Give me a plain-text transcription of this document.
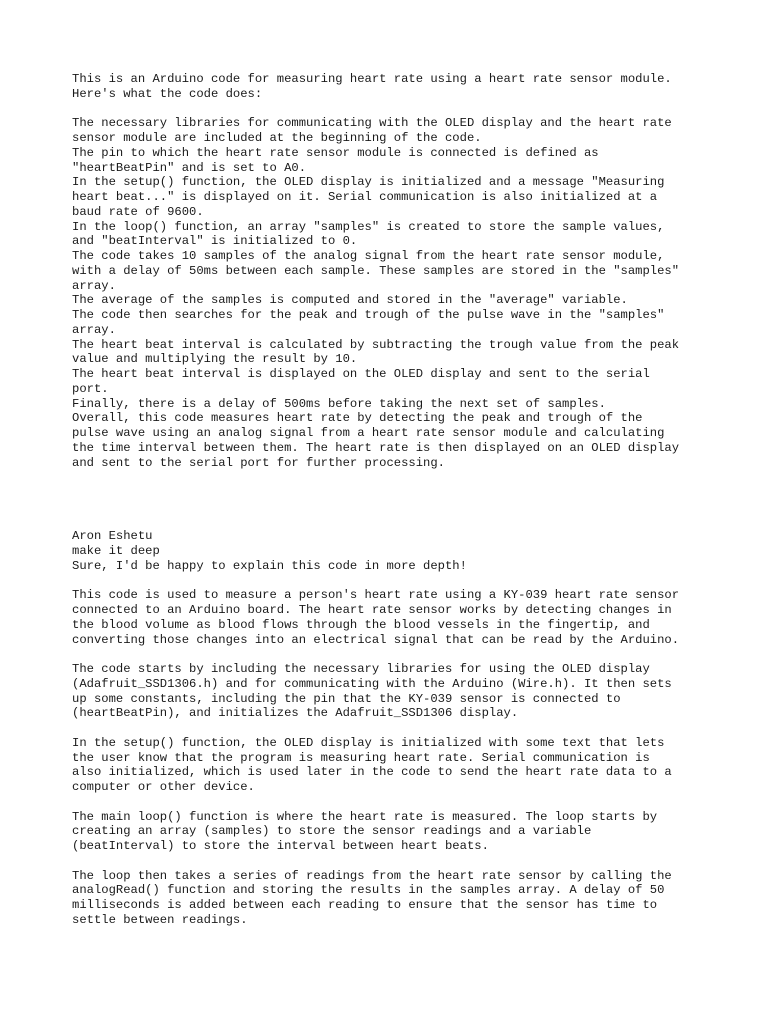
This is an Arduino code for measuring heart rate using a heart rate sensor module.
Here's what the code does:
The necessary libraries for communicating with the OLED display and the heart rate
sensor module are included at the beginning of the code.
The pin to which the heart rate sensor module is connected is defined as
"heartBeatPin" and is set to A0.
In the setup() function, the OLED display is initialized and a message "Measuring
heart beat..." is displayed on it. Serial communication is also initialized at a
baud rate of 9600.
In the loop() function, an array "samples" is created to store the sample values,
and "beatInterval" is initialized to 0.
The code takes 10 samples of the analog signal from the heart rate sensor module,
with a delay of 50ms between each sample. These samples are stored in the "samples"
array.
The average of the samples is computed and stored in the "average" variable.
The code then searches for the peak and trough of the pulse wave in the "samples"
array.
The heart beat interval is calculated by subtracting the trough value from the peak
value and multiplying the result by 10.
The heart beat interval is displayed on the OLED display and sent to the serial
port.
Finally, there is a delay of 500ms before taking the next set of samples.
Overall, this code measures heart rate by detecting the peak and trough of the
pulse wave using an analog signal from a heart rate sensor module and calculating
the time interval between them. The heart rate is then displayed on an OLED display
and sent to the serial port for further processing.
Aron Eshetu
make it deep
Sure, I'd be happy to explain this code in more depth!
This code is used to measure a person's heart rate using a KY-039 heart rate sensor
connected to an Arduino board. The heart rate sensor works by detecting changes in
the blood volume as blood flows through the blood vessels in the fingertip, and
converting those changes into an electrical signal that can be read by the Arduino.
The code starts by including the necessary libraries for using the OLED display
(Adafruit_SSD1306.h) and for communicating with the Arduino (Wire.h). It then sets
up some constants, including the pin that the KY-039 sensor is connected to
(heartBeatPin), and initializes the Adafruit_SSD1306 display.
In the setup() function, the OLED display is initialized with some text that lets
the user know that the program is measuring heart rate. Serial communication is
also initialized, which is used later in the code to send the heart rate data to a
computer or other device.
The main loop() function is where the heart rate is measured. The loop starts by
creating an array (samples) to store the sensor readings and a variable
(beatInterval) to store the interval between heart beats.
The loop then takes a series of readings from the heart rate sensor by calling the
analogRead() function and storing the results in the samples array. A delay of 50
milliseconds is added between each reading to ensure that the sensor has time to
settle between readings.
